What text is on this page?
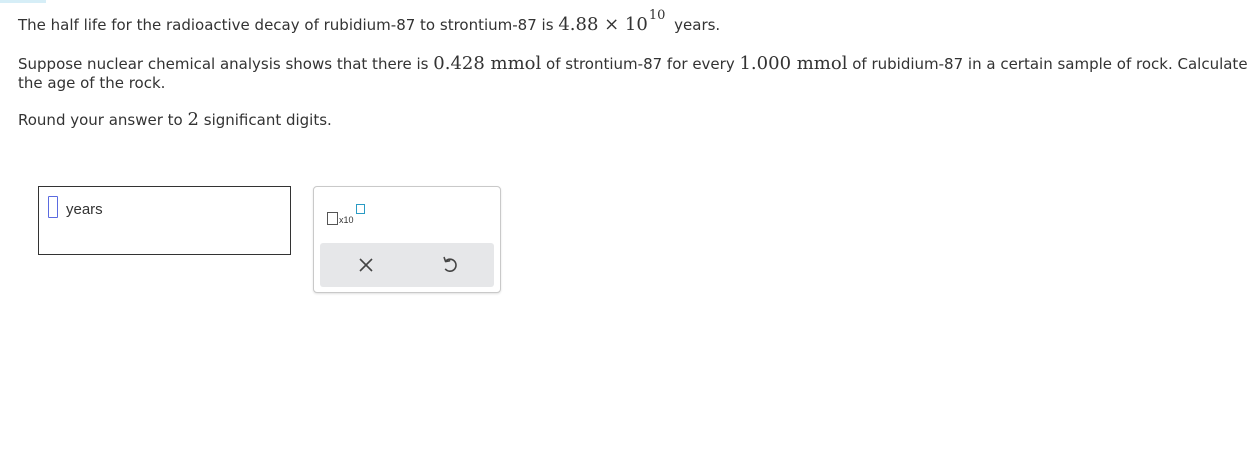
The half life for the radioactive decay of rubidium-87 to strontium-87 is $4.88 \times 10^{10}$ years.
Suppose nuclear chemical analysis shows that there is 0.428 mmol of strontium-87 for every 1.000 mmol of rubidium-87 in a certain sample of rock. Calculate
the age of the rock.
Round your answer to 2 significant digits.
years
x10
